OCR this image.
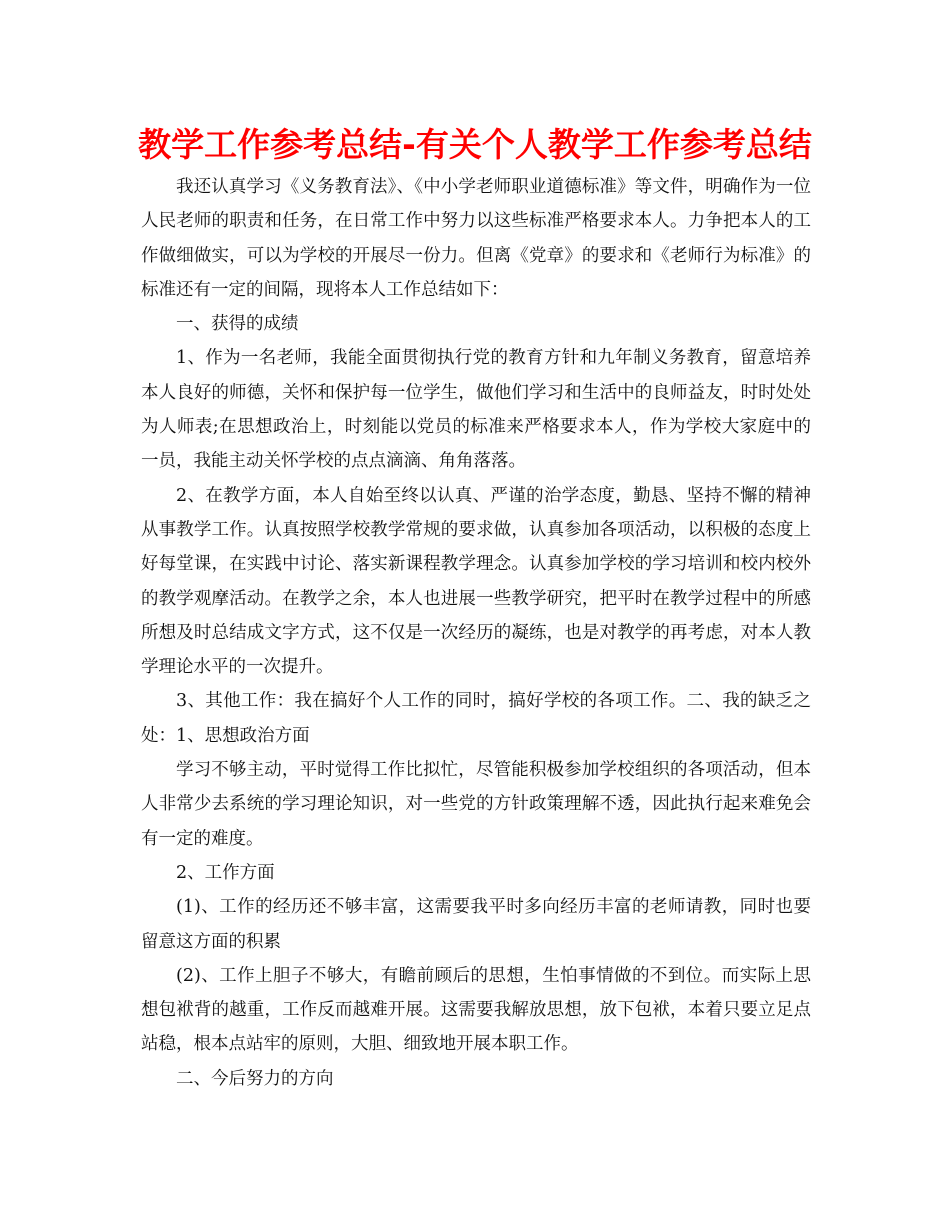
教学工作参考总结-有关个人教学工作参考总结

我还认真学习《义务教育法》、《中小学老师职业道德标准》等文件，明确作为一位人民老师的职责和任务，在日常工作中努力以这些标准严格要求本人。力争把本人的工作做细做实，可以为学校的开展尽一份力。但离《党章》的要求和《老师行为标准》的标准还有一定的间隔，现将本人工作总结如下：

一、获得的成绩

1、作为一名老师，我能全面贯彻执行党的教育方针和九年制义务教育，留意培养本人良好的师德，关怀和保护每一位学生，做他们学习和生活中的良师益友，时时处处为人师表;在思想政治上，时刻能以党员的标准来严格要求本人，作为学校大家庭中的一员，我能主动关怀学校的点点滴滴、角角落落。

2、在教学方面，本人自始至终以认真、严谨的治学态度，勤恳、坚持不懈的精神从事教学工作。认真按照学校教学常规的要求做，认真参加各项活动，以积极的态度上好每堂课，在实践中讨论、落实新课程教学理念。认真参加学校的学习培训和校内校外的教学观摩活动。在教学之余，本人也进展一些教学研究，把平时在教学过程中的所感所想及时总结成文字方式，这不仅是一次经历的凝练，也是对教学的再考虑，对本人教学理论水平的一次提升。

3、其他工作：我在搞好个人工作的同时，搞好学校的各项工作。二、我的缺乏之处：1、思想政治方面

学习不够主动，平时觉得工作比拟忙，尽管能积极参加学校组织的各项活动，但本人非常少去系统的学习理论知识，对一些党的方针政策理解不透，因此执行起来难免会有一定的难度。

2、工作方面

(1)、工作的经历还不够丰富，这需要我平时多向经历丰富的老师请教，同时也要留意这方面的积累

(2)、工作上胆子不够大，有瞻前顾后的思想，生怕事情做的不到位。而实际上思想包袱背的越重，工作反而越难开展。这需要我解放思想，放下包袱，本着只要立足点站稳，根本点站牢的原则，大胆、细致地开展本职工作。

二、今后努力的方向
